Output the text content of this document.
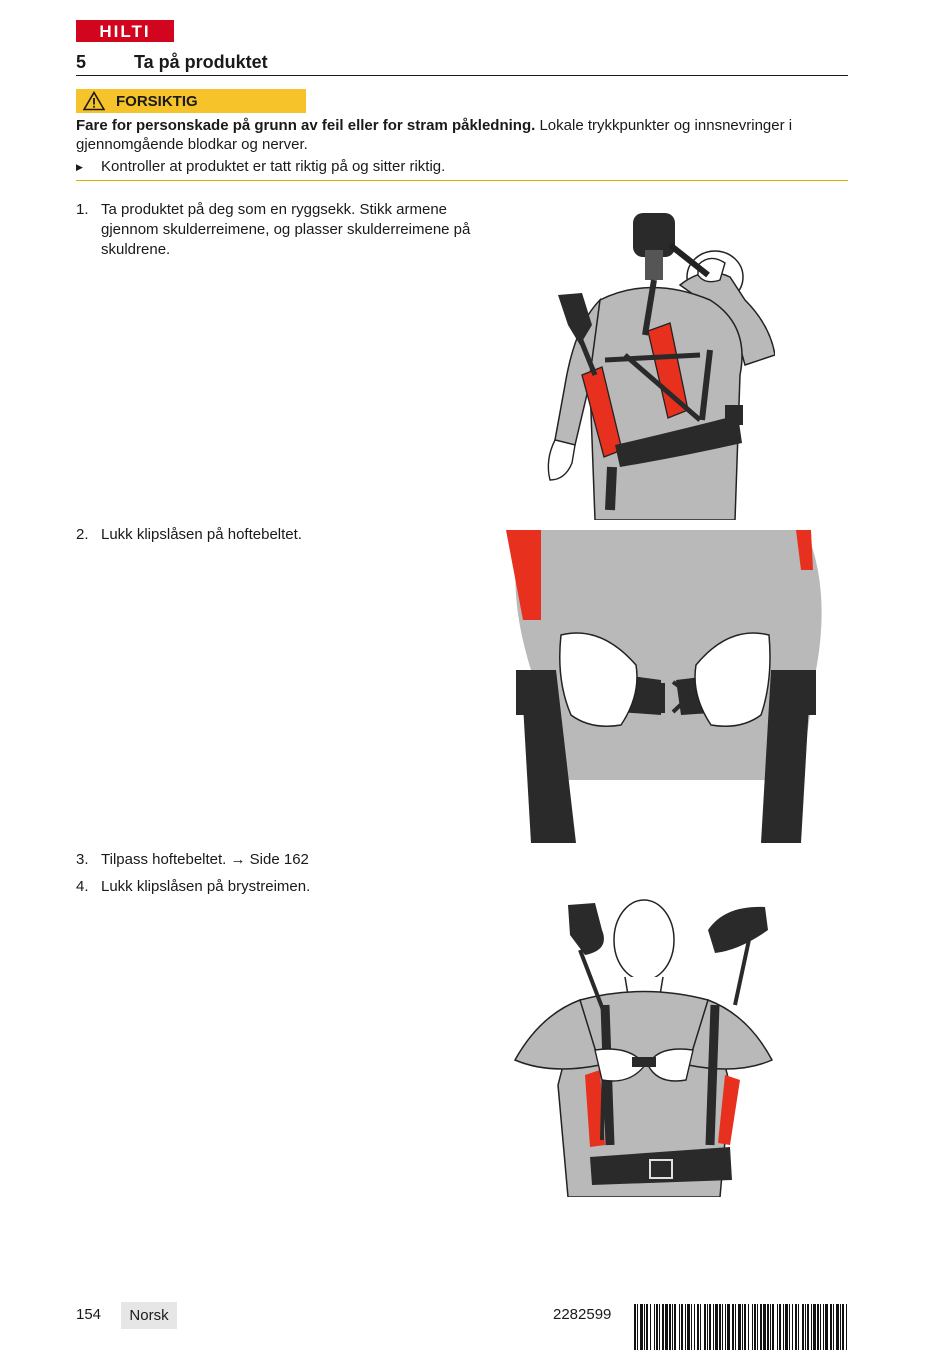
HILTI
5	Ta på produktet
FORSIKTIG
Fare for personskade på grunn av feil eller for stram påkledning. Lokale trykkpunkter og innsnevringer i gjennomgående blodkar og nerver.
▶	Kontroller at produktet er tatt riktig på og sitter riktig.
1. Ta produktet på deg som en ryggsekk. Stikk armene gjennom skulderreimene, og plasser skulderreimene på skuldrene.
2. Lukk klipslåsen på hoftebeltet.
3. Tilpass hoftebeltet. → Side 162
4. Lukk klipslåsen på brystreimen.
154	Norsk	2282599
